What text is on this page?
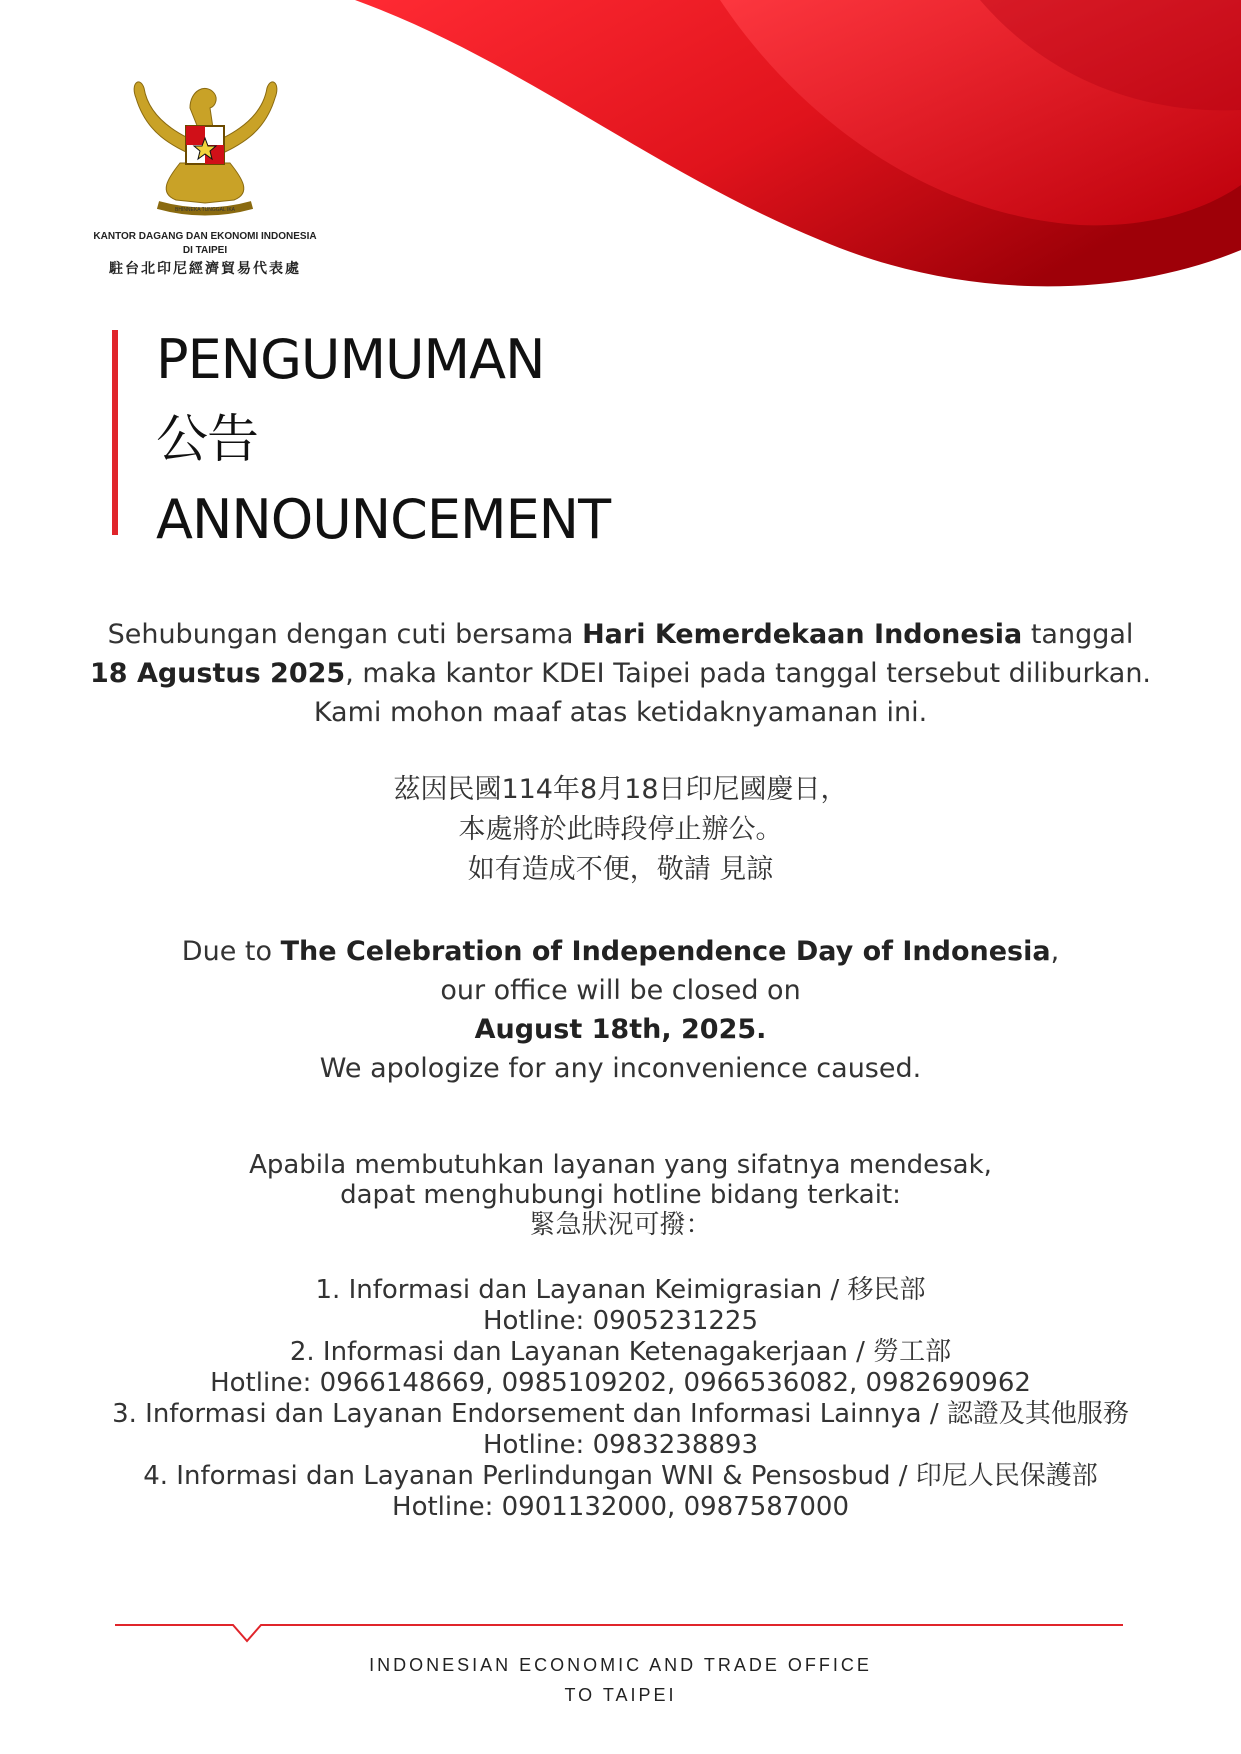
BHINNEKA TUNGGAL IKA
KANTOR DAGANG DAN EKONOMI INDONESIA
DI TAIPEI
駐台北印尼經濟貿易代表處
PENGUMUMAN
公告
ANNOUNCEMENT
Sehubungan dengan cuti bersama Hari Kemerdekaan Indonesia tanggal
18 Agustus 2025, maka kantor KDEI Taipei pada tanggal tersebut diliburkan.
Kami mohon maaf atas ketidaknyamanan ini.
茲因民國114年8月18日印尼國慶日，
本處將於此時段停止辦公。
如有造成不便，敬請 見諒
Due to The Celebration of Independence Day of Indonesia,
our office will be closed on
August 18th, 2025.
We apologize for any inconvenience caused.
Apabila membutuhkan layanan yang sifatnya mendesak,
dapat menghubungi hotline bidang terkait:
緊急狀況可撥：
1. Informasi dan Layanan Keimigrasian / 移民部
Hotline: 0905231225
2. Informasi dan Layanan Ketenagakerjaan / 勞工部
Hotline: 0966148669, 0985109202, 0966536082, 0982690962
3. Informasi dan Layanan Endorsement dan Informasi Lainnya / 認證及其他服務
Hotline: 0983238893
4. Informasi dan Layanan Perlindungan WNI & Pensosbud / 印尼人民保護部
Hotline: 0901132000, 0987587000
INDONESIAN ECONOMIC AND TRADE OFFICE
TO TAIPEI
